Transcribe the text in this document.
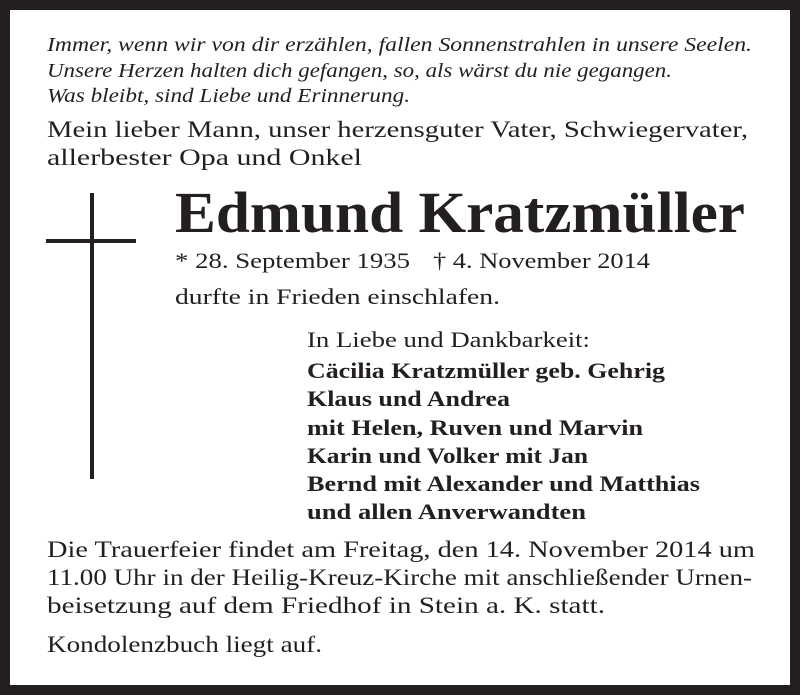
Immer, wenn wir von dir erzählen, fallen Sonnenstrahlen in unsere Seelen.
Unsere Herzen halten dich gefangen, so, als wärst du nie gegangen.
Was bleibt, sind Liebe und Erinnerung.
Mein lieber Mann, unser herzensguter Vater, Schwiegervater,
allerbester Opa und Onkel
Edmund Kratzmüller
* 28. September 1935 † 4. November 2014
durfte in Frieden einschlafen.
In Liebe und Dankbarkeit:
Cäcilia Kratzmüller geb. Gehrig
Klaus und Andrea
mit Helen, Ruven und Marvin
Karin und Volker mit Jan
Bernd mit Alexander und Matthias
und allen Anverwandten
Die Trauerfeier findet am Freitag, den 14. November 2014 um
11.00 Uhr in der Heilig-Kreuz-Kirche mit anschließender Urnen-
beisetzung auf dem Friedhof in Stein a. K. statt.
Kondolenzbuch liegt auf.
